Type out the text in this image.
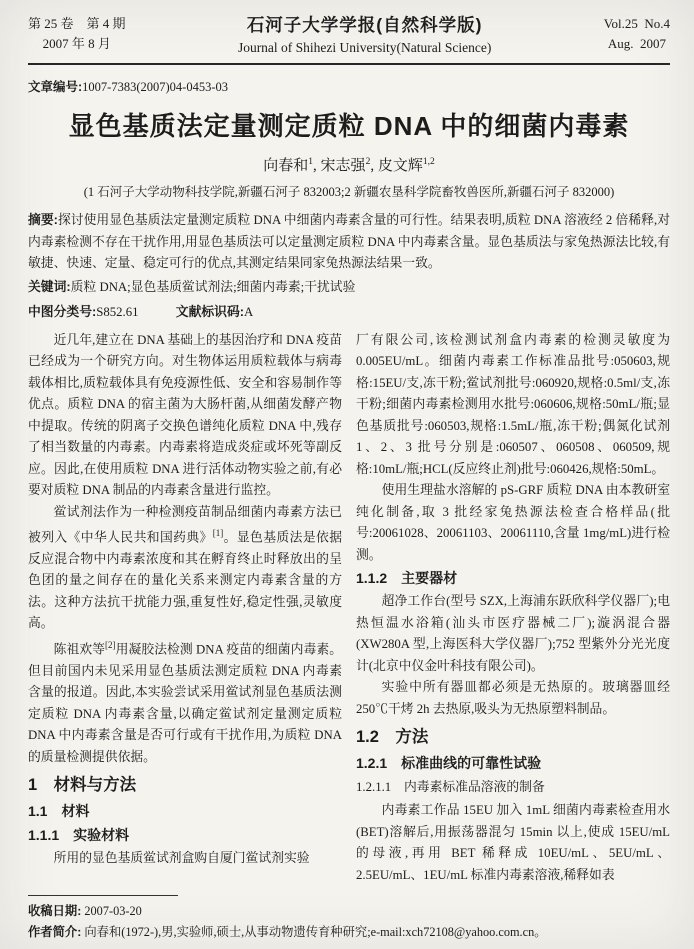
第 25 卷　第 4 期
2007 年 8 月
石河子大学学报(自然科学版)
Journal of Shihezi University(Natural Science)
Vol.25  No.4
Aug.  2007
文章编号:1007-7383(2007)04-0453-03
显色基质法定量测定质粒 DNA 中的细菌内毒素
向春和$^1$, 宋志强$^2$, 皮文辉$^{1,2}$
(1 石河子大学动物科技学院,新疆石河子 832003;2 新疆农垦科学院畜牧兽医所,新疆石河子 832000)
摘要:探讨使用显色基质法定量测定质粒 DNA 中细菌内毒素含量的可行性。结果表明,质粒 DNA 溶液经 2 倍稀释,对内毒素检测不存在干扰作用,用显色基质法可以定量测定质粒 DNA 中内毒素含量。显色基质法与家兔热源法比较,有敏捷、快速、定量、稳定可行的优点,其测定结果同家兔热源法结果一致。
关键词:质粒 DNA;显色基质鲎试剂法;细菌内毒素;干扰试验
中图分类号:S852.61	文献标识码:A

近几年,建立在 DNA 基础上的基因治疗和 DNA 疫苗已经成为一个研究方向。对生物体运用质粒载体与病毒载体相比,质粒载体具有免疫源性低、安全和容易制作等优点。质粒 DNA 的宿主菌为大肠杆菌,从细菌发酵产物中提取。传统的阴离子交换色谱纯化质粒 DNA 中,残存了相当数量的内毒素。内毒素将造成炎症或坏死等副反应。因此,在使用质粒 DNA 进行活体动物实验之前,有必要对质粒 DNA 制品的内毒素含量进行监控。

鲎试剂法作为一种检测疫苗制品细菌内毒素方法已被列入《中华人民共和国药典》[1]。显色基质法是依据反应混合物中内毒素浓度和其在孵育终止时释放出的呈色团的量之间存在的量化关系来测定内毒素含量的方法。这种方法抗干扰能力强,重复性好,稳定性强,灵敏度高。

陈祖欢等[2]用凝胶法检测 DNA 疫苗的细菌内毒素。但目前国内未见采用显色基质法测定质粒 DNA 内毒素含量的报道。因此,本实验尝试采用鲎试剂显色基质法测定质粒 DNA 内毒素含量,以确定鲎试剂定量测定质粒 DNA 中内毒素含量是否可行或有干扰作用,为质粒 DNA 的质量检测提供依据。

1　材料与方法
1.1　材料
1.1.1　实验材料

所用的显色基质鲎试剂盒购自厦门鲎试剂实验

厂有限公司,该检测试剂盒内毒素的检测灵敏度为 0.005EU/mL。细菌内毒素工作标准品批号:050603,规格:15EU/支,冻干粉;鲎试剂批号:060920,规格:0.5ml/支,冻干粉;细菌内毒素检测用水批号:060606,规格:50mL/瓶;显色基质批号:060503,规格:1.5mL/瓶,冻干粉;偶氮化试剂 1、2、3 批号分别是:060507、060508、060509,规格:10mL/瓶;HCL(反应终止剂)批号:060426,规格:50mL。

使用生理盐水溶解的 pS-GRF 质粒 DNA 由本教研室纯化制备,取 3 批经家兔热源法检查合格样品(批号:20061028、20061103、20061110,含量 1mg/mL)进行检测。

1.1.2　主要器材

超净工作台(型号 SZX,上海浦东跃欣科学仪器厂);电热恒温水浴箱(汕头市医疗器械二厂);漩涡混合器(XW280A 型,上海医科大学仪器厂);752 型紫外分光光度计(北京中仪金叶科技有限公司)。

实验中所有器皿都必须是无热原的。玻璃器皿经 250℃干烤 2h 去热原,吸头为无热原塑料制品。

1.2　方法
1.2.1　标准曲线的可靠性试验
1.2.1.1　内毒素标准品溶液的制备

内毒素工作品 15EU 加入 1mL 细菌内毒素检查用水(BET)溶解后,用振荡器混匀 15min 以上,使成 15EU/mL 的母液,再用 BET 稀释成 10EU/mL、5EU/mL、2.5EU/mL、1EU/mL 标准内毒素溶液,稀释如表

收稿日期: 2007-03-20
作者简介: 向春和(1972-),男,实验师,硕士,从事动物遗传育种研究;e-mail:xch72108@yahoo.com.cn。
